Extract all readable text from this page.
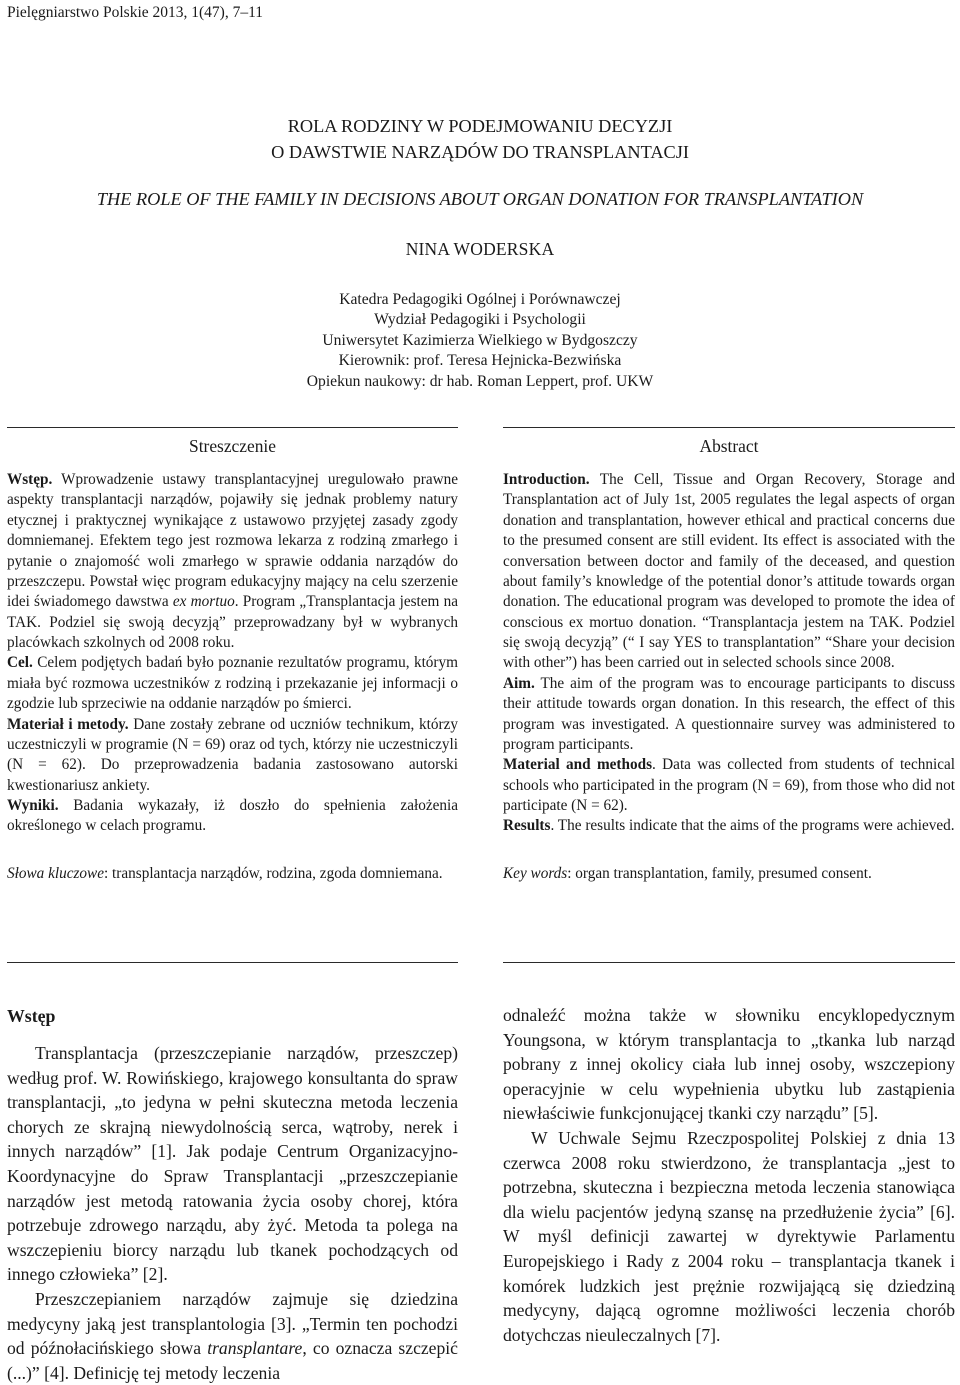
Pielęgniarstwo Polskie 2013, 1(47), 7–11
ROLA RODZINY W PODEJMOWANIU DECYZJI
O DAWSTWIE NARZĄDÓW DO TRANSPLANTACJI
THE ROLE OF THE FAMILY IN DECISIONS ABOUT ORGAN DONATION FOR TRANSPLANTATION
NINA WODERSKA
Katedra Pedagogiki Ogólnej i Porównawczej
Wydział Pedagogiki i Psychologii
Uniwersytet Kazimierza Wielkiego w Bydgoszczy
Kierownik: prof. Teresa Hejnicka-Bezwińska
Opiekun naukowy: dr hab. Roman Leppert, prof. UKW
Streszczenie

Wstęp. Wprowadzenie ustawy transplantacyjnej uregulowało prawne aspekty transplantacji narządów, pojawiły się jednak problemy natury etycznej i praktycznej wynikające z ustawowo przyjętej zasady zgody domniemanej. Efektem tego jest rozmowa lekarza z rodziną zmarłego i pytanie o znajomość woli zmarłego w sprawie oddania narządów do przeszczepu. Powstał więc program edukacyjny mający na celu szerzenie idei świadomego dawstwa ex mortuo. Program „Transplantacja jestem na TAK. Podziel się swoją decyzją” przeprowadzany był w wybranych placówkach szkolnych od 2008 roku.

Cel. Celem podjętych badań było poznanie rezultatów programu, którym miała być rozmowa uczestników z rodziną i przekazanie jej informacji o zgodzie lub sprzeciwie na oddanie narządów po śmierci.

Materiał i metody. Dane zostały zebrane od uczniów technikum, którzy uczestniczyli w programie (N = 69) oraz od tych, którzy nie uczestniczyli (N = 62). Do przeprowadzenia badania zastosowano autorski kwestionariusz ankiety.

Wyniki. Badania wykazały, iż doszło do spełnienia założenia określonego w celach programu.

Słowa kluczowe: transplantacja narządów, rodzina, zgoda domniemana.

Abstract

Introduction. The Cell, Tissue and Organ Recovery, Storage and Transplantation act of July 1st, 2005 regulates the legal aspects of organ donation and transplantation, however ethical and practical concerns due to the presumed consent are still evident. Its effect is associated with the conversation between doctor and family of the deceased, and question about family’s knowledge of the potential donor’s attitude towards organ donation. The educational program was developed to promote the idea of conscious ex mortuo donation. “Transplantacja jestem na TAK. Podziel się swoją decyzją” (“ I say YES to transplantation” “Share your decision with other”) has been carried out in selected schools since 2008.

Aim. The aim of the program was to encourage participants to discuss their attitude towards organ donation. In this research, the effect of this program was investigated. A questionnaire survey was administered to program participants.

Material and methods. Data was collected from students of technical schools who participated in the program (N = 69), from those who did not participate (N = 62).

Results. The results indicate that the aims of the programs were achieved.

Key words: organ transplantation, family, presumed consent.

Wstęp

Transplantacja (przeszczepianie narządów, przeszczep) według prof. W. Rowińskiego, krajowego konsultanta do spraw transplantacji, „to jedyna w pełni skuteczna metoda leczenia chorych ze skrajną niewydolnością serca, wątroby, nerek i innych narządów” [1]. Jak podaje Centrum Organizacyjno-Koordynacyjne do Spraw Transplantacji „przeszczepianie narządów jest metodą ratowania życia osoby chorej, która potrzebuje zdrowego narządu, aby żyć. Metoda ta polega na wszczepieniu biorcy narządu lub tkanek pochodzących od innego człowieka” [2].

Przeszczepianiem narządów zajmuje się dziedzina medycyny jaką jest transplantologia [3]. „Termin ten pochodzi od późnołacińskiego słowa transplantare, co oznacza szczepić (...)” [4]. Definicję tej metody leczenia

odnaleźć można także w słowniku encyklopedycznym Youngsona, w którym transplantacja to „tkanka lub narząd pobrany z innej okolicy ciała lub innej osoby, wszczepiony operacyjnie w celu wypełnienia ubytku lub zastąpienia niewłaściwie funkcjonującej tkanki czy narządu” [5].

W Uchwale Sejmu Rzeczpospolitej Polskiej z dnia 13 czerwca 2008 roku stwierdzono, że transplantacja „jest to potrzebna, skuteczna i bezpieczna metoda leczenia stanowiąca dla wielu pacjentów jedyną szansę na przedłużenie życia” [6]. W myśl definicji zawartej w dyrektywie Parlamentu Europejskiego i Rady z 2004 roku – transplantacja tkanek i komórek ludzkich jest prężnie rozwijającą się dziedziną medycyny, dającą ogromne możliwości leczenia chorób dotychczas nieuleczalnych [7].
